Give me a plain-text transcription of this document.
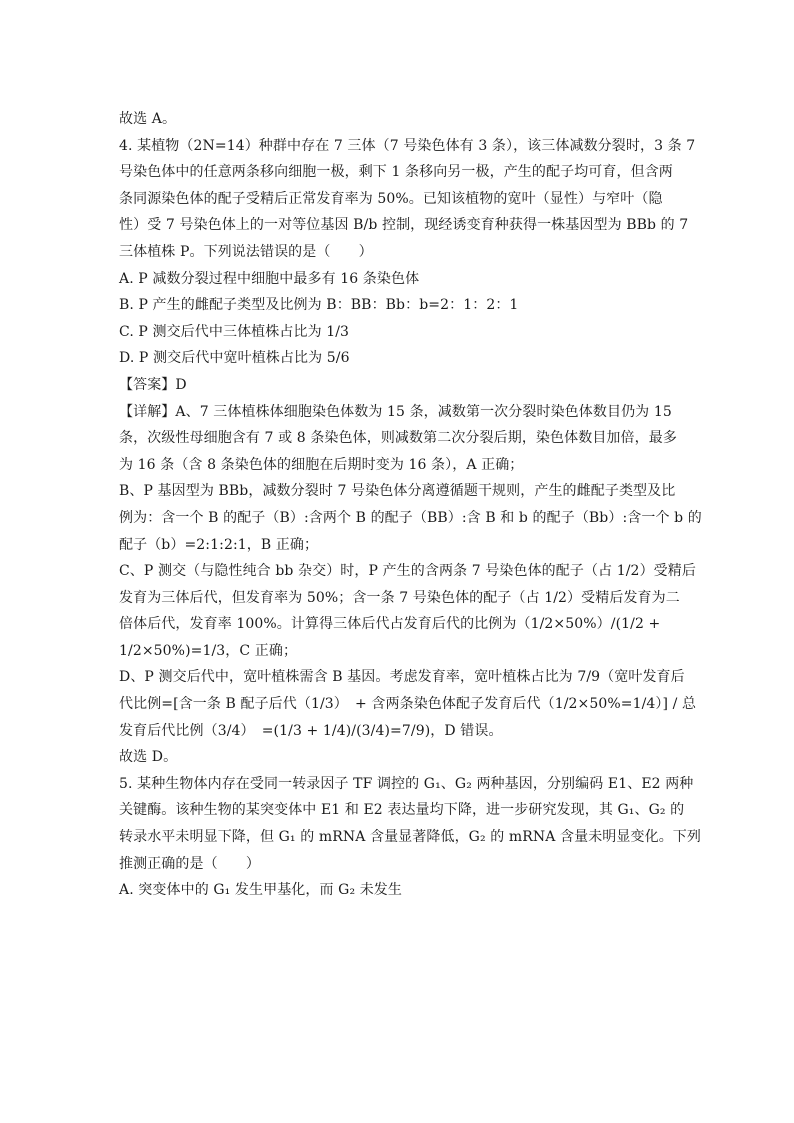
故选 A。
4. 某植物（2N=14）种群中存在 7 三体（7 号染色体有 3 条），该三体减数分裂时，3 条 7
号染色体中的任意两条移向细胞一极，剩下 1 条移向另一极，产生的配子均可育，但含两
条同源染色体的配子受精后正常发育率为 50%。已知该植物的宽叶（显性）与窄叶（隐
性）受 7 号染色体上的一对等位基因 B/b 控制，现经诱变育种获得一株基因型为 BBb 的 7
三体植株 P。下列说法错误的是（　　）
A. P 减数分裂过程中细胞中最多有 16 条染色体
B. P 产生的雌配子类型及比例为 B：BB：Bb：b=2：1：2：1
C. P 测交后代中三体植株占比为 1/3
D. P 测交后代中宽叶植株占比为 5/6
【答案】D
【详解】A、7 三体植株体细胞染色体数为 15 条，减数第一次分裂时染色体数目仍为 15
条，次级性母细胞含有 7 或 8 条染色体，则减数第二次分裂后期，染色体数目加倍，最多
为 16 条（含 8 条染色体的细胞在后期时变为 16 条），A 正确；
B、P 基因型为 BBb，减数分裂时 7 号染色体分离遵循题干规则，产生的雌配子类型及比
例为：含一个 B 的配子（B）:含两个 B 的配子（BB）:含 B 和 b 的配子（Bb）:含一个 b 的
配子（b）=2:1:2:1，B 正确；
C、P 测交（与隐性纯合 bb 杂交）时，P 产生的含两条 7 号染色体的配子（占 1/2）受精后
发育为三体后代，但发育率为 50%；含一条 7 号染色体的配子（占 1/2）受精后发育为二
倍体后代，发育率 100%。计算得三体后代占发育后代的比例为（1/2×50%）/(1/2 +
1/2×50%)=1/3，C 正确；
D、P 测交后代中，宽叶植株需含 B 基因。考虑发育率，宽叶植株占比为 7/9（宽叶发育后
代比例=[含一条 B 配子后代（1/3）　+ 含两条染色体配子发育后代（1/2×50%=1/4）] / 总
发育后代比例（3/4）　=(1/3 + 1/4)/(3/4)=7/9)，D 错误。
故选 D。
5. 某种生物体内存在受同一转录因子 TF 调控的 G₁、G₂ 两种基因，分别编码 E1、E2 两种
关键酶。该种生物的某突变体中 E1 和 E2 表达量均下降，进一步研究发现，其 G₁、G₂ 的
转录水平未明显下降，但 G₁ 的 mRNA 含量显著降低，G₂ 的 mRNA 含量未明显变化。下列
推测正确的是（　　）
A. 突变体中的 G₁ 发生甲基化，而 G₂ 未发生
